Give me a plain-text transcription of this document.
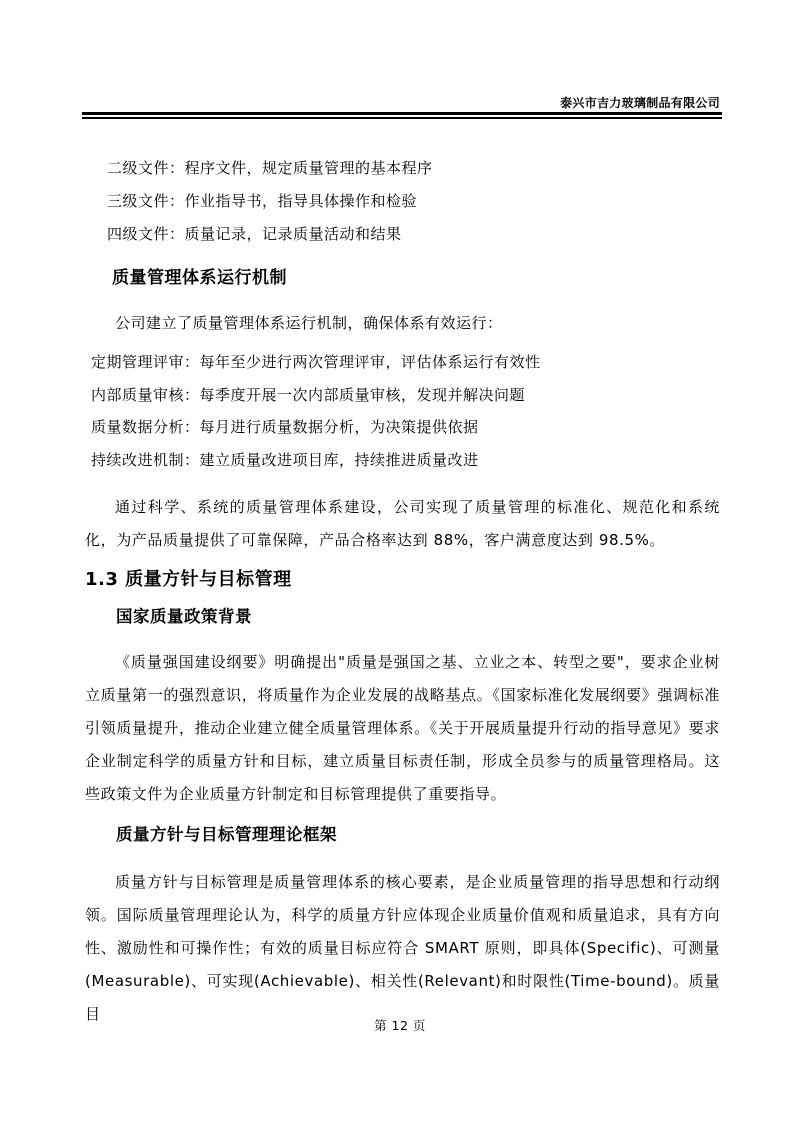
泰兴市吉力玻璃制品有限公司
二级文件：程序文件，规定质量管理的基本程序
三级文件：作业指导书，指导具体操作和检验
四级文件：质量记录，记录质量活动和结果
质量管理体系运行机制
公司建立了质量管理体系运行机制，确保体系有效运行：
定期管理评审：每年至少进行两次管理评审，评估体系运行有效性
内部质量审核：每季度开展一次内部质量审核，发现并解决问题
质量数据分析：每月进行质量数据分析，为决策提供依据
持续改进机制：建立质量改进项目库，持续推进质量改进
通过科学、系统的质量管理体系建设，公司实现了质量管理的标准化、规范化和系统化，为产品质量提供了可靠保障，产品合格率达到 88%，客户满意度达到 98.5%。
1.3 质量方针与目标管理
国家质量政策背景
《质量强国建设纲要》明确提出"质量是强国之基、立业之本、转型之要"，要求企业树立质量第一的强烈意识，将质量作为企业发展的战略基点。《国家标准化发展纲要》强调标准引领质量提升，推动企业建立健全质量管理体系。《关于开展质量提升行动的指导意见》要求企业制定科学的质量方针和目标，建立质量目标责任制，形成全员参与的质量管理格局。这些政策文件为企业质量方针制定和目标管理提供了重要指导。
质量方针与目标管理理论框架
质量方针与目标管理是质量管理体系的核心要素，是企业质量管理的指导思想和行动纲领。国际质量管理理论认为，科学的质量方针应体现企业质量价值观和质量追求，具有方向性、激励性和可操作性；有效的质量目标应符合 SMART 原则，即具体(Specific)、可测量(Measurable)、可实现(Achievable)、相关性(Relevant)和时限性(Time-bound)。质量目
第 12 页
